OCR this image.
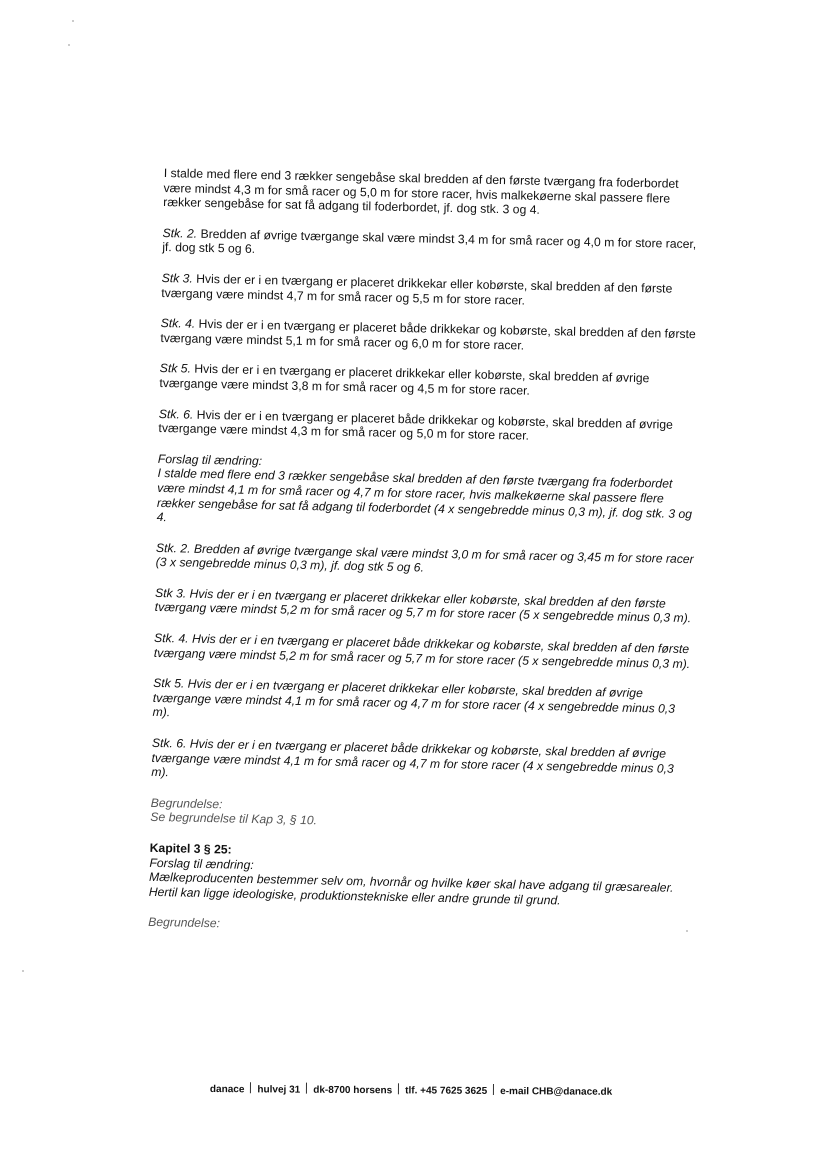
I stalde med flere end 3 rækker sengebåse skal bredden af den første tværgang fra foderbordet være mindst 4,3 m for små racer og 5,0 m for store racer, hvis malkekøerne skal passere flere rækker sengebåse for sat få adgang til foderbordet, jf. dog stk. 3 og 4.

Stk. 2. Bredden af øvrige tværgange skal være mindst 3,4 m for små racer og 4,0 m for store racer, jf. dog stk 5 og 6.

Stk 3. Hvis der er i en tværgang er placeret drikkekar eller kobørste, skal bredden af den første tværgang være mindst 4,7 m for små racer og 5,5 m for store racer.

Stk. 4. Hvis der er i en tværgang er placeret både drikkekar og kobørste, skal bredden af den første tværgang være mindst 5,1 m for små racer og 6,0 m for store racer.

Stk 5. Hvis der er i en tværgang er placeret drikkekar eller kobørste, skal bredden af øvrige tværgange være mindst 3,8 m for små racer og 4,5 m for store racer.

Stk. 6. Hvis der er i en tværgang er placeret både drikkekar og kobørste, skal bredden af øvrige tværgange være mindst 4,3 m for små racer og 5,0 m for store racer.

Forslag til ændring:

I stalde med flere end 3 rækker sengebåse skal bredden af den første tværgang fra foderbordet være mindst 4,1 m for små racer og 4,7 m for store racer, hvis malkekøerne skal passere flere rækker sengebåse for sat få adgang til foderbordet (4 x sengebredde minus 0,3 m), jf. dog stk. 3 og 4.

Stk. 2. Bredden af øvrige tværgange skal være mindst 3,0 m for små racer og 3,45 m for store racer (3 x sengebredde minus 0,3 m), jf. dog stk 5 og 6.

Stk 3. Hvis der er i en tværgang er placeret drikkekar eller kobørste, skal bredden af den første tværgang være mindst 5,2 m for små racer og 5,7 m for store racer (5 x sengebredde minus 0,3 m).

Stk. 4. Hvis der er i en tværgang er placeret både drikkekar og kobørste, skal bredden af den første tværgang være mindst 5,2 m for små racer og 5,7 m for store racer (5 x sengebredde minus 0,3 m).

Stk 5. Hvis der er i en tværgang er placeret drikkekar eller kobørste, skal bredden af øvrige tværgange være mindst 4,1 m for små racer og 4,7 m for store racer (4 x sengebredde minus 0,3 m).

Stk. 6. Hvis der er i en tværgang er placeret både drikkekar og kobørste, skal bredden af øvrige tværgange være mindst 4,1 m for små racer og 4,7 m for store racer (4 x sengebredde minus 0,3 m).

Begrundelse:

Se begrundelse til Kap 3, § 10.

Kapitel 3 § 25:

Forslag til ændring:

Mælkeproducenten bestemmer selv om, hvornår og hvilke køer skal have adgang til græsarealer. Hertil kan ligge ideologiske, produktionstekniske eller andre grunde til grund.

Begrundelse:

danace hulvej 31 dk-8700 horsens tlf. +45 7625 3625 e-mail CHB@danace.dk
